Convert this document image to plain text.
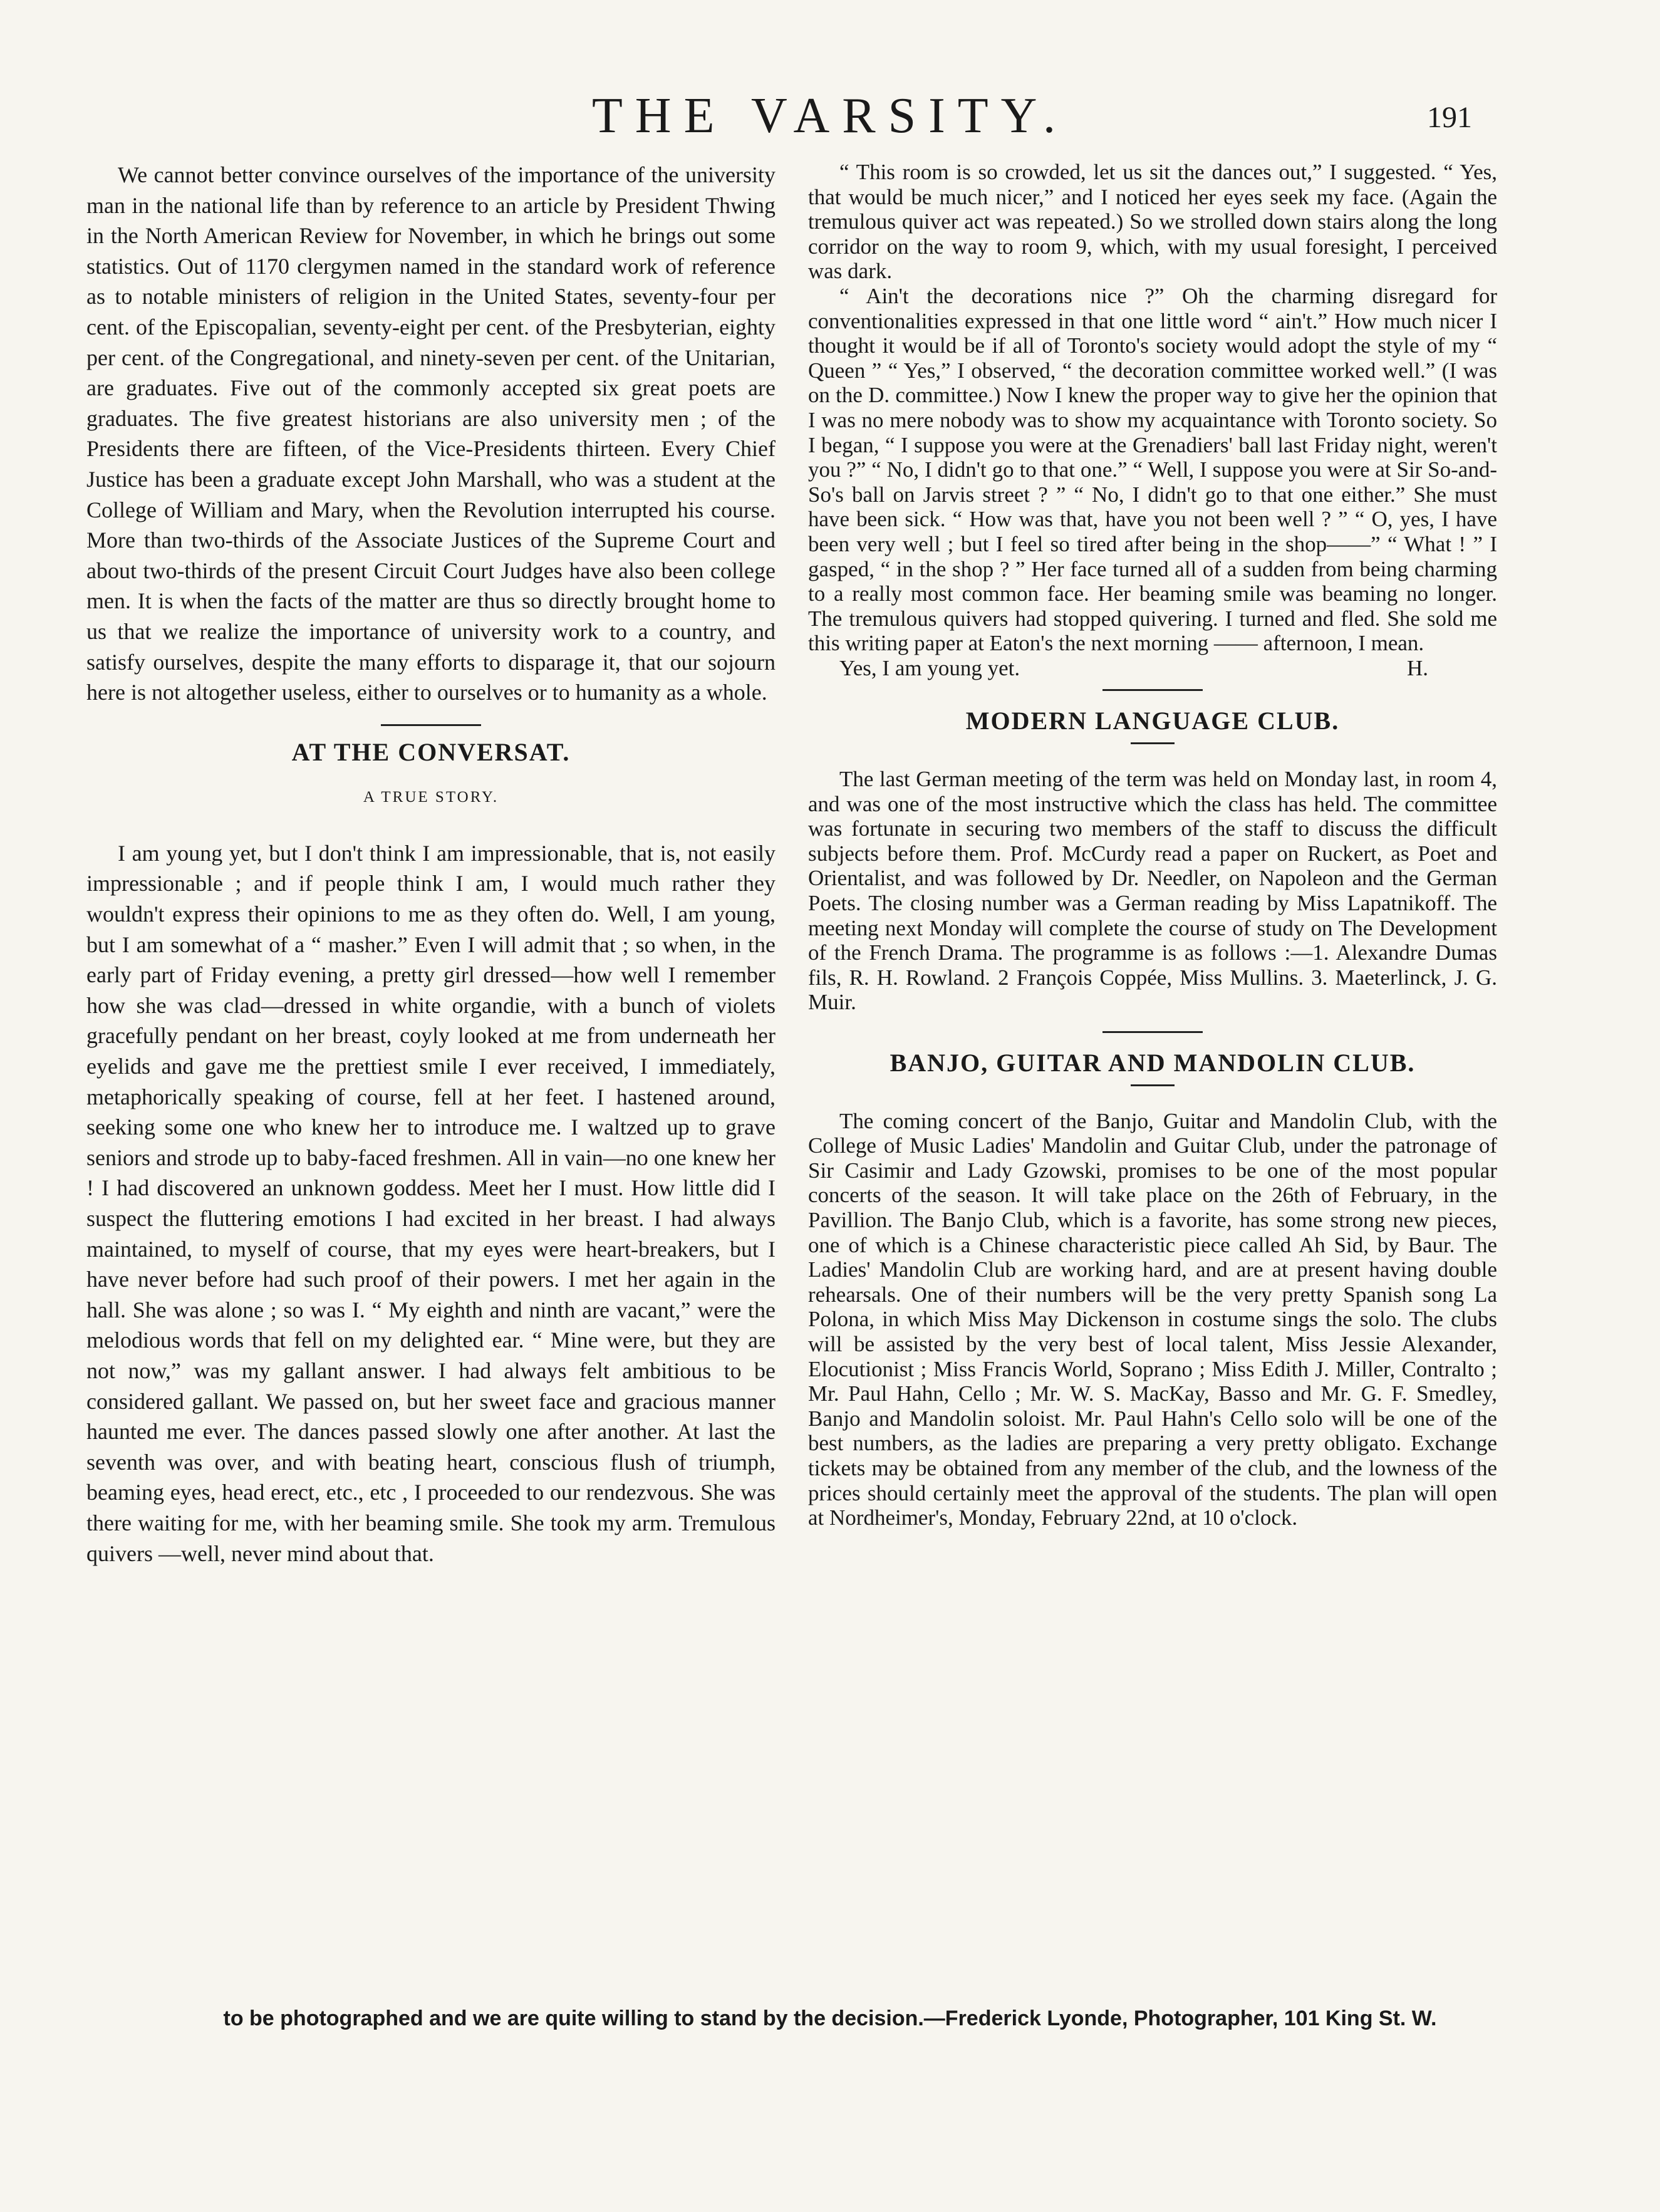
THE VARSITY.	191

We cannot better convince ourselves of the importance of the university man in the national life than by reference to an article by President Thwing in the North American Review for November, in which he brings out some statistics. Out of 1170 clergymen named in the standard work of reference as to notable ministers of religion in the United States, seventy-four per cent. of the Episcopalian, seventy-eight per cent. of the Presbyterian, eighty per cent. of the Congregational, and ninety-seven per cent. of the Unitarian, are graduates. Five out of the commonly accepted six great poets are graduates. The five greatest historians are also university men ; of the Presidents there are fifteen, of the Vice-Presidents thirteen. Every Chief Justice has been a graduate except John Marshall, who was a student at the College of William and Mary, when the Revolution interrupted his course. More than two-thirds of the Associate Justices of the Supreme Court and about two-thirds of the present Circuit Court Judges have also been college men. It is when the facts of the matter are thus so directly brought home to us that we realize the importance of university work to a country, and satisfy ourselves, despite the many efforts to disparage it, that our sojourn here is not altogether useless, either to ourselves or to humanity as a whole.

AT THE CONVERSAT.
A TRUE STORY.

I am young yet, but I don't think I am impressionable, that is, not easily impressionable ; and if people think I am, I would much rather they wouldn't express their opinions to me as they often do. Well, I am young, but I am somewhat of a “ masher.” Even I will admit that ; so when, in the early part of Friday evening, a pretty girl dressed—how well I remember how she was clad—dressed in white organdie, with a bunch of violets gracefully pendant on her breast, coyly looked at me from underneath her eyelids and gave me the prettiest smile I ever received, I immediately, metaphorically speaking of course, fell at her feet. I hastened around, seeking some one who knew her to introduce me. I waltzed up to grave seniors and strode up to baby-faced freshmen. All in vain—no one knew her ! I had discovered an unknown goddess. Meet her I must. How little did I suspect the fluttering emotions I had excited in her breast. I had always maintained, to myself of course, that my eyes were heart-breakers, but I have never before had such proof of their powers. I met her again in the hall. She was alone ; so was I. “ My eighth and ninth are vacant,” were the melodious words that fell on my delighted ear. “ Mine were, but they are not now,” was my gallant answer. I had always felt ambitious to be considered gallant. We passed on, but her sweet face and gracious manner haunted me ever. The dances passed slowly one after another. At last the seventh was over, and with beating heart, conscious flush of triumph, beaming eyes, head erect, etc., etc , I proceeded to our rendezvous. She was there waiting for me, with her beaming smile. She took my arm. Tremulous quivers —well, never mind about that.

“ This room is so crowded, let us sit the dances out,” I suggested. “ Yes, that would be much nicer,” and I noticed her eyes seek my face. (Again the tremulous quiver act was repeated.) So we strolled down stairs along the long corridor on the way to room 9, which, with my usual foresight, I perceived was dark.

“ Ain't the decorations nice ?” Oh the charming disregard for conventionalities expressed in that one little word “ ain't.” How much nicer I thought it would be if all of Toronto's society would adopt the style of my “ Queen ” “ Yes,” I observed, “ the decoration committee worked well.” (I was on the D. committee.) Now I knew the proper way to give her the opinion that I was no mere nobody was to show my acquaintance with Toronto society. So I began, “ I suppose you were at the Grenadiers' ball last Friday night, weren't you ?” “ No, I didn't go to that one.” “ Well, I suppose you were at Sir So-and-So's ball on Jarvis street ? ” “ No, I didn't go to that one either.” She must have been sick. “ How was that, have you not been well ? ” “ O, yes, I have been very well ; but I feel so tired after being in the shop——” “ What ! ” I gasped, “ in the shop ? ” Her face turned all of a sudden from being charming to a really most common face. Her beaming smile was beaming no longer. The tremulous quivers had stopped quivering. I turned and fled. She sold me this writing paper at Eaton's the next morning —— afternoon, I mean.

Yes, I am young yet.	H.

MODERN LANGUAGE CLUB.

The last German meeting of the term was held on Monday last, in room 4, and was one of the most instructive which the class has held. The committee was fortunate in securing two members of the staff to discuss the difficult subjects before them. Prof. McCurdy read a paper on Ruckert, as Poet and Orientalist, and was followed by Dr. Needler, on Napoleon and the German Poets. The closing number was a German reading by Miss Lapatnikoff. The meeting next Monday will complete the course of study on The Development of the French Drama. The programme is as follows :—1. Alexandre Dumas fils, R. H. Rowland. 2 François Coppée, Miss Mullins. 3. Maeterlinck, J. G. Muir.

BANJO, GUITAR AND MANDOLIN CLUB.

The coming concert of the Banjo, Guitar and Mandolin Club, with the College of Music Ladies' Mandolin and Guitar Club, under the patronage of Sir Casimir and Lady Gzowski, promises to be one of the most popular concerts of the season. It will take place on the 26th of February, in the Pavillion. The Banjo Club, which is a favorite, has some strong new pieces, one of which is a Chinese characteristic piece called Ah Sid, by Baur. The Ladies' Mandolin Club are working hard, and are at present having double rehearsals. One of their numbers will be the very pretty Spanish song La Polona, in which Miss May Dickenson in costume sings the solo. The clubs will be assisted by the very best of local talent, Miss Jessie Alexander, Elocutionist ; Miss Francis World, Soprano ; Miss Edith J. Miller, Contralto ; Mr. Paul Hahn, Cello ; Mr. W. S. MacKay, Basso and Mr. G. F. Smedley, Banjo and Mandolin soloist. Mr. Paul Hahn's Cello solo will be one of the best numbers, as the ladies are preparing a very pretty obligato. Exchange tickets may be obtained from any member of the club, and the lowness of the prices should certainly meet the approval of the students. The plan will open at Nordheimer's, Monday, February 22nd, at 10 o'clock.

to be photographed and we are quite willing to stand by the decision.—Frederick Lyonde, Photographer, 101 King St. W.
